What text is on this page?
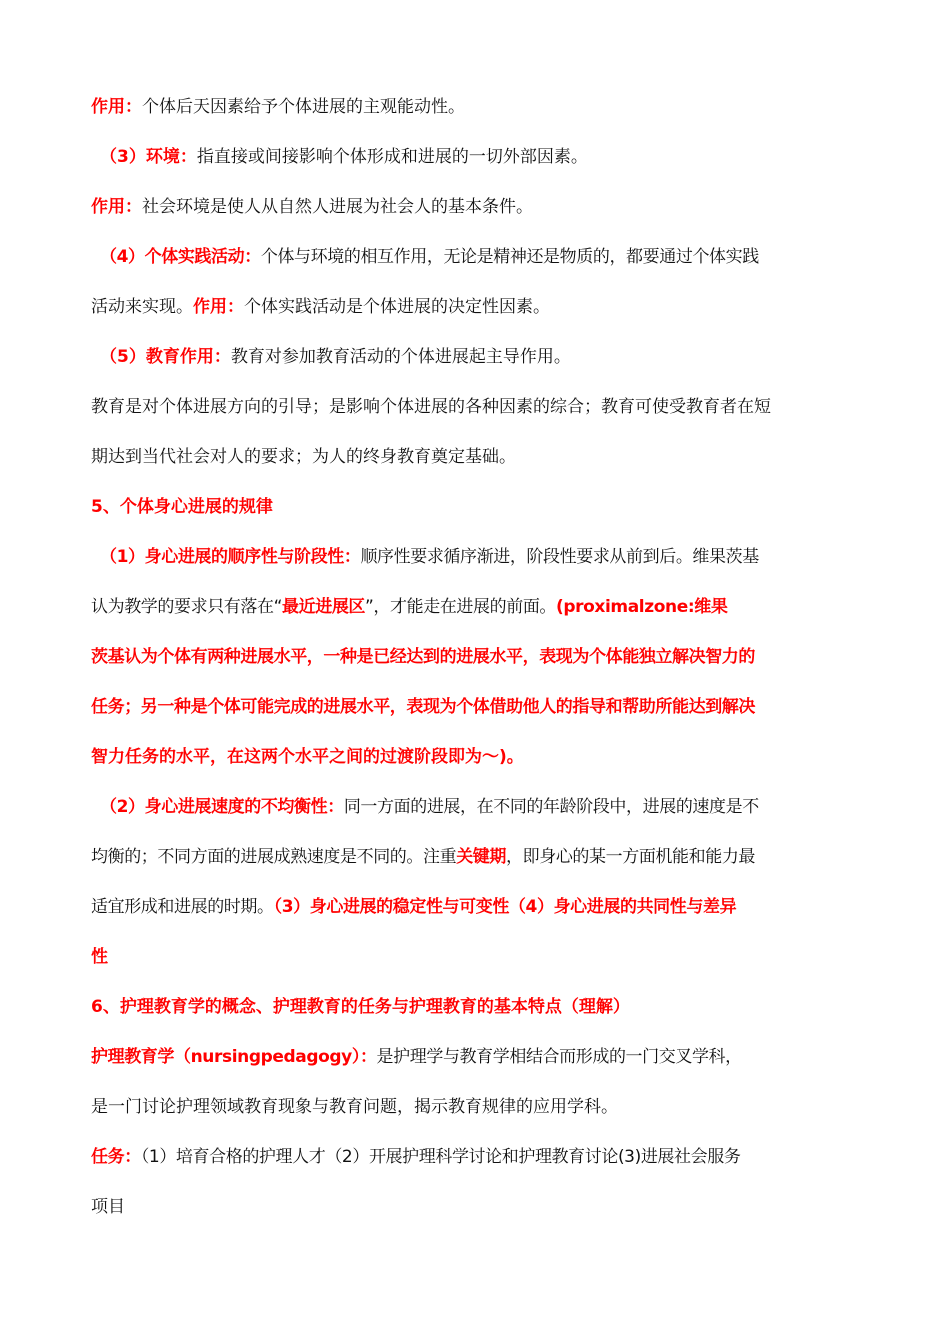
作用：个体后天因素给予个体进展的主观能动性。
（3）环境：指直接或间接影响个体形成和进展的一切外部因素。
作用：社会环境是使人从自然人进展为社会人的基本条件。
（4）个体实践活动：个体与环境的相互作用，无论是精神还是物质的，都要通过个体实践
活动来实现。作用：个体实践活动是个体进展的决定性因素。
（5）教育作用：教育对参加教育活动的个体进展起主导作用。
教育是对个体进展方向的引导；是影响个体进展的各种因素的综合；教育可使受教育者在短
期达到当代社会对人的要求；为人的终身教育奠定基础。
5、个体身心进展的规律
（1）身心进展的顺序性与阶段性：顺序性要求循序渐进，阶段性要求从前到后。维果茨基
认为教学的要求只有落在“最近进展区”，才能走在进展的前面。(proximalzone:维果
茨基认为个体有两种进展水平，一种是已经达到的进展水平，表现为个体能独立解决智力的
任务；另一种是个体可能完成的进展水平，表现为个体借助他人的指导和帮助所能达到解决
智力任务的水平，在这两个水平之间的过渡阶段即为～)。
（2）身心进展速度的不均衡性：同一方面的进展，在不同的年龄阶段中，进展的速度是不
均衡的；不同方面的进展成熟速度是不同的。注重关键期，即身心的某一方面机能和能力最
适宜形成和进展的时期。（3）身心进展的稳定性与可变性（4）身心进展的共同性与差异
性
6、护理教育学的概念、护理教育的任务与护理教育的基本特点（理解）
护理教育学（nursingpedagogy）：是护理学与教育学相结合而形成的一门交叉学科，
是一门讨论护理领域教育现象与教育问题，揭示教育规律的应用学科。
任务：（1）培育合格的护理人才（2）开展护理科学讨论和护理教育讨论(3)进展社会服务
项目
